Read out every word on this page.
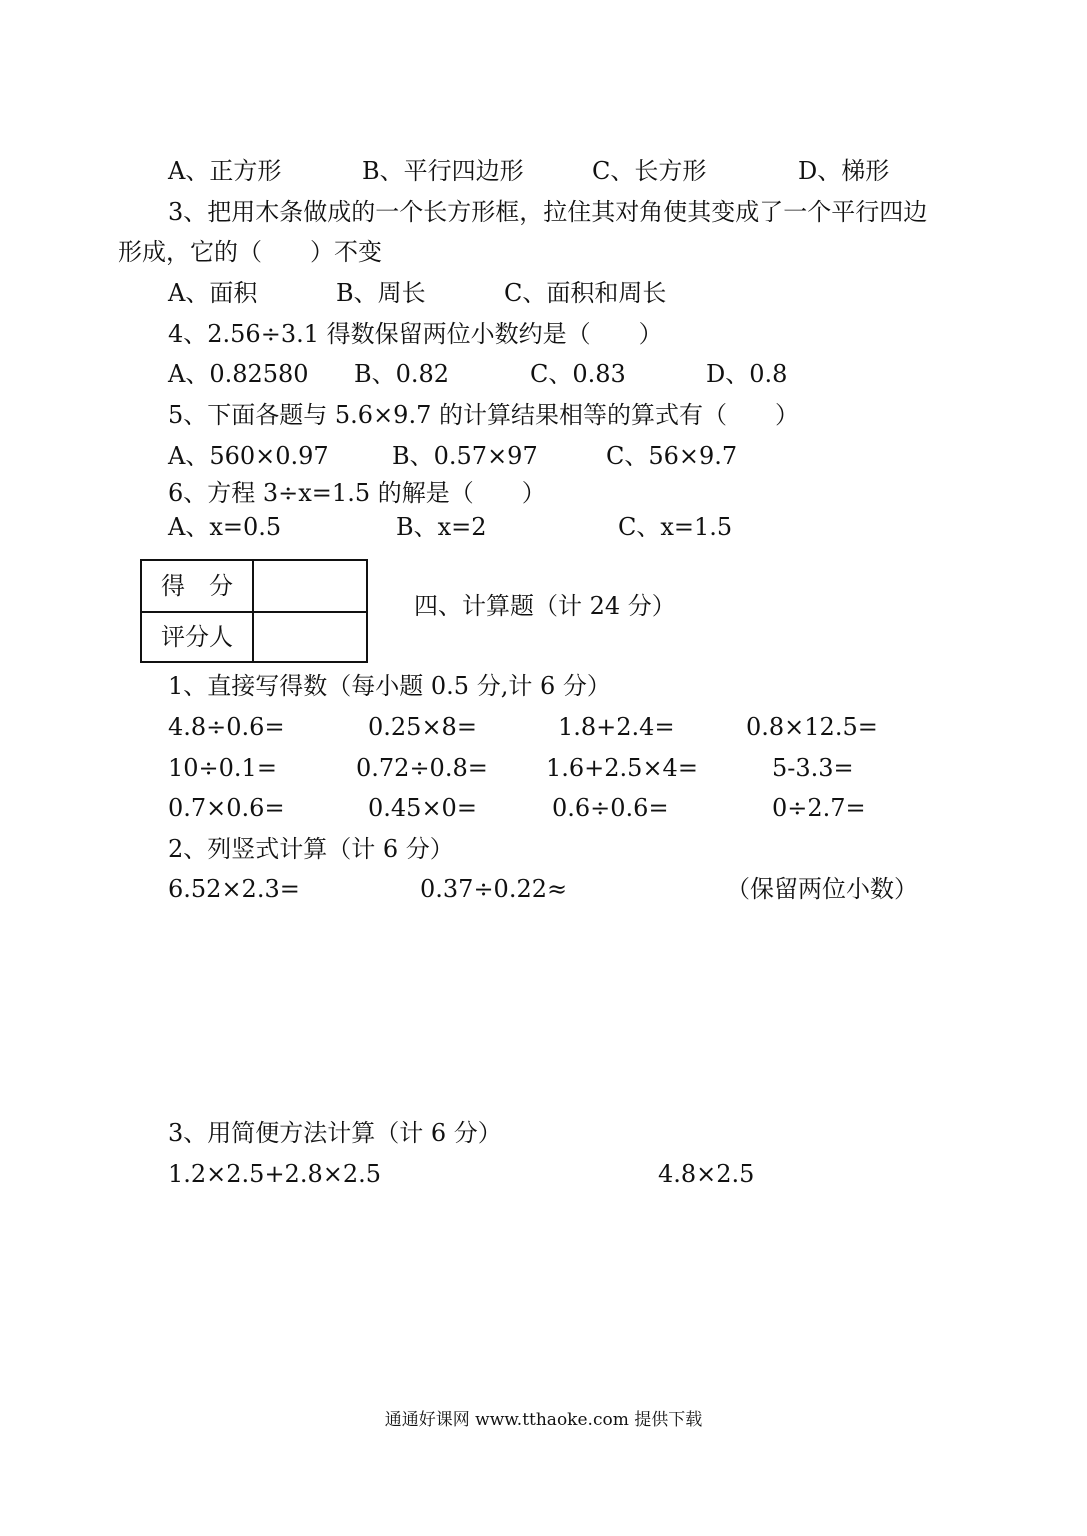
A、正方形	B、平行四边形	C、长方形	D、梯形
3、把用木条做成的一个长方形框，拉住其对角使其变成了一个平行四边
形成，它的（　　）不变
A、面积	B、周长	C、面积和周长
4、2.56÷3.1 得数保留两位小数约是（　　）
A、0.82580 B、0.82	C、0.83	D、0.8
5、下面各题与 5.6×9.7 的计算结果相等的算式有（　　）
A、560×0.97	B、0.57×97	C、56×9.7
6、方程 3÷x=1.5 的解是（　　）
A、x=0.5	B、x=2	C、x=1.5
得　分
评分人
四、计算题（计 24 分）
1、直接写得数（每小题 0.5 分,计 6 分）
4.8÷0.6=	0.25×8=	1.8+2.4=	0.8×12.5=
10÷0.1=	0.72÷0.8= 1.6+2.5×4=	5-3.3=
0.7×0.6=	0.45×0=	0.6÷0.6=	0÷2.7=
2、列竖式计算（计 6 分）
6.52×2.3=	0.37÷0.22≈	（保留两位小数）
3、用简便方法计算（计 6 分）
1.2×2.5+2.8×2.5	4.8×2.5
通通好课网 www.tthaoke.com 提供下载
